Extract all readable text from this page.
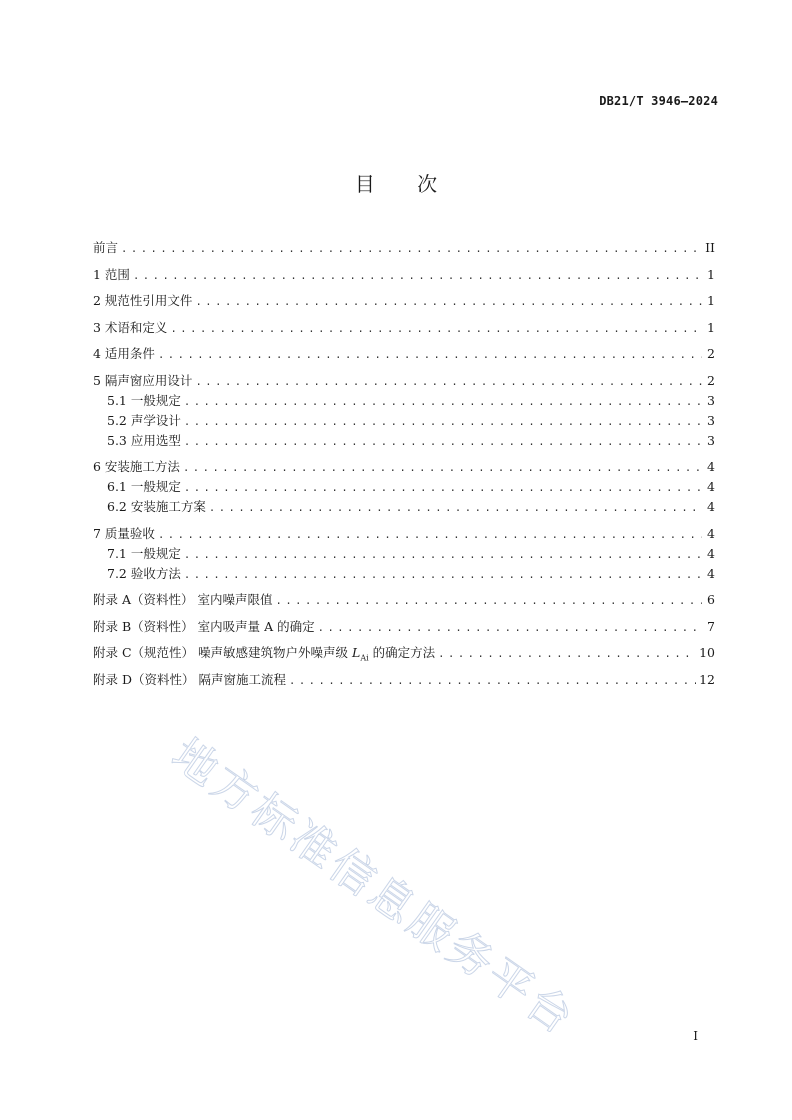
DB21/T 3946—2024
目 次
前言 . . .	II
1 范围 . . .	1
2 规范性引用文件 . . .	1
3 术语和定义 . . .	1
4 适用条件 . . .	2
5 隔声窗应用设计 . . .	2
5.1 一般规定 . . .	3
5.2 声学设计 . . .	3
5.3 应用选型 . . .	3
6 安装施工方法 . . .	4
6.1 一般规定 . . .	4
6.2 安装施工方案 . . .	4
7 质量验收 . . .	4
7.1 一般规定 . . .	4
7.2 验收方法 . . .	4
附录 A（资料性） 室内噪声限值 . . .	6
附录 B（资料性） 室内吸声量 A 的确定 . . .	7
附录 C（规范性） 噪声敏感建筑物户外噪声级 $L_{Ai}$ 的确定方法 . . .	10
附录 D（资料性） 隔声窗施工流程 . . .	12
I
地方标准信息服务平台
